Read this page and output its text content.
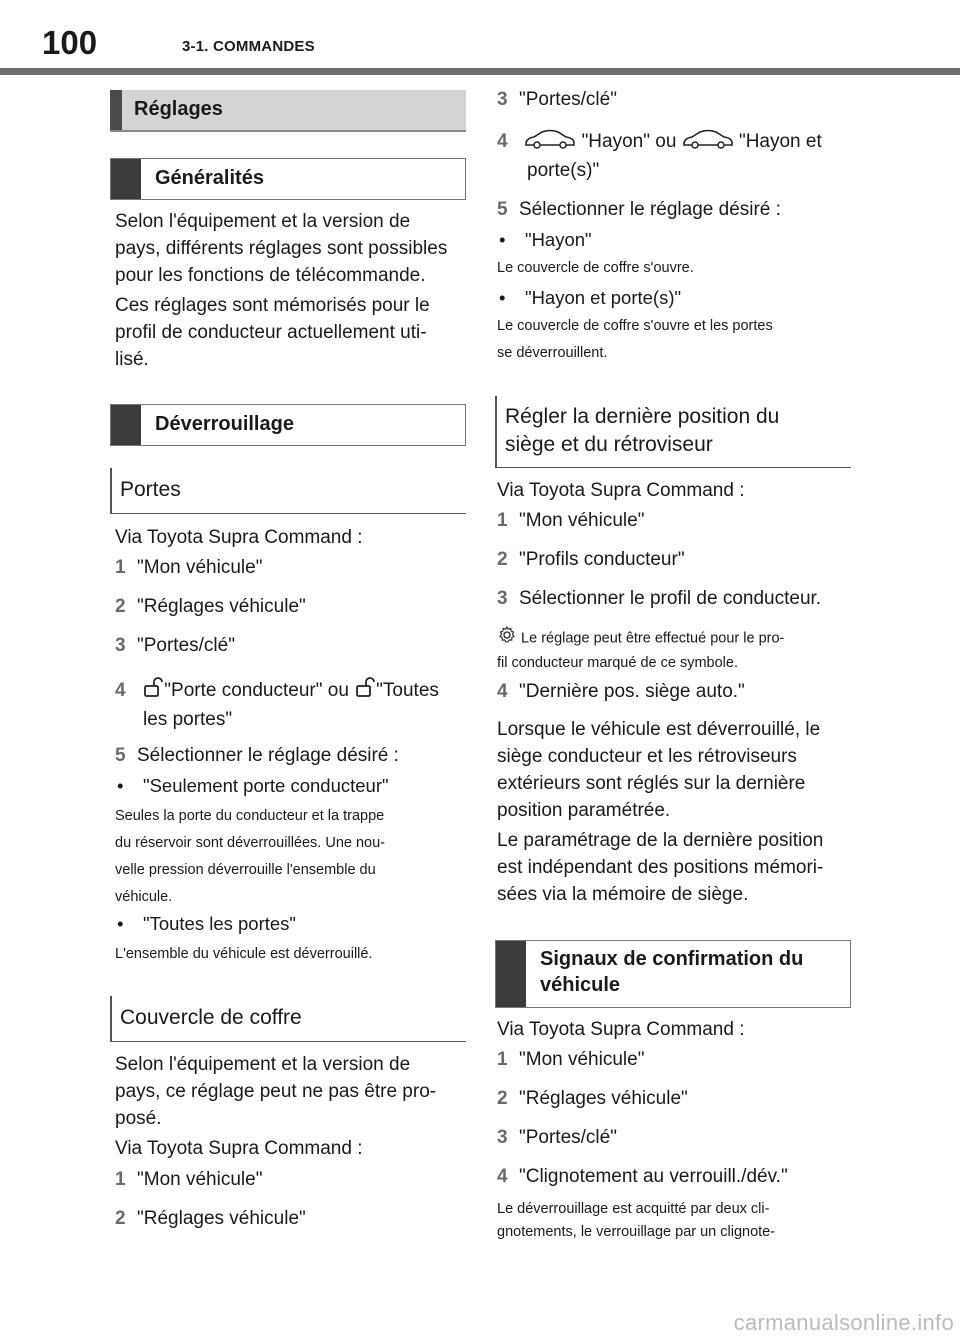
100	3-1. COMMANDES
Réglages
Généralités
Selon l'équipement et la version de
pays, différents réglages sont possibles
pour les fonctions de télécommande.
Ces réglages sont mémorisés pour le
profil de conducteur actuellement uti-
lisé.
Déverrouillage
Portes
Via Toyota Supra Command :
1 "Mon véhicule"
2 "Réglages véhicule"
3 "Portes/clé"
4 "Porte conducteur" ou "Toutes
les portes"
5 Sélectionner le réglage désiré :
• "Seulement porte conducteur"
Seules la porte du conducteur et la trappe
du réservoir sont déverrouillées. Une nou-
velle pression déverrouille l'ensemble du
véhicule.
• "Toutes les portes"
L'ensemble du véhicule est déverrouillé.
Couvercle de coffre
Selon l'équipement et la version de
pays, ce réglage peut ne pas être pro-
posé.
Via Toyota Supra Command :
1 "Mon véhicule"
2 "Réglages véhicule"
3 "Portes/clé"
4	"Hayon" ou	"Hayon et
porte(s)"
5 Sélectionner le réglage désiré :
• "Hayon"
Le couvercle de coffre s'ouvre.
• "Hayon et porte(s)"
Le couvercle de coffre s'ouvre et les portes
se déverrouillent.
Régler la dernière position du
siège et du rétroviseur
Via Toyota Supra Command :
1 "Mon véhicule"
2 "Profils conducteur"
3 Sélectionner le profil de conducteur.
Le réglage peut être effectué pour le pro-
fil conducteur marqué de ce symbole.
4 "Dernière pos. siège auto."
Lorsque le véhicule est déverrouillé, le
siège conducteur et les rétroviseurs
extérieurs sont réglés sur la dernière
position paramétrée.
Le paramétrage de la dernière position
est indépendant des positions mémori-
sées via la mémoire de siège.
Signaux de confirmation du
véhicule
Via Toyota Supra Command :
1 "Mon véhicule"
2 "Réglages véhicule"
3 "Portes/clé"
4 "Clignotement au verrouill./dév."
Le déverrouillage est acquitté par deux cli-
gnotements, le verrouillage par un clignote-
carmanualsonline.info
